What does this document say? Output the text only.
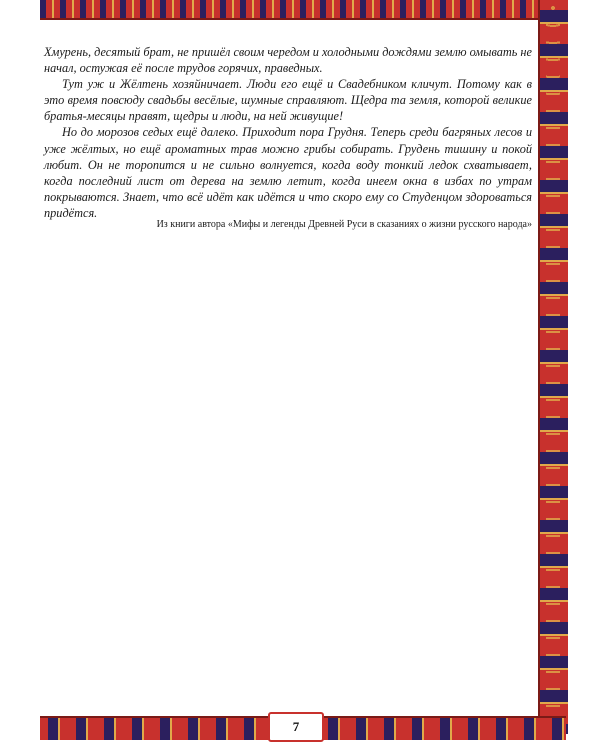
Хмурень, десятый брат, не пришёл своим чередом и холодными дождями землю омывать не начал, остужая её после трудов горячих, праведных.

Тут уж и Жёлтень хозяйничает. Люди его ещё и Свадебником кличут. Потому как в это время повсюду свадьбы весёлые, шумные справляют. Щедра та земля, которой великие братья-месяцы правят, щедры и люди, на ней живущие!

Но до морозов седых ещё далеко. Приходит пора Грудня. Теперь среди багряных лесов и уже жёлтых, но ещё ароматных трав можно грибы собирать. Грудень тишину и покой любит. Он не торопится и не сильно волнуется, когда воду тонкий ледок схватывает, когда последний лист от дерева на землю летит, когда инеем окна в избах по утрам покрываются. Знает, что всё идёт как идётся и что скоро ему со Студенцом здороваться придётся.

Из книги автора «Мифы и легенды Древней Руси в сказаниях о жизни русского народа»
7
